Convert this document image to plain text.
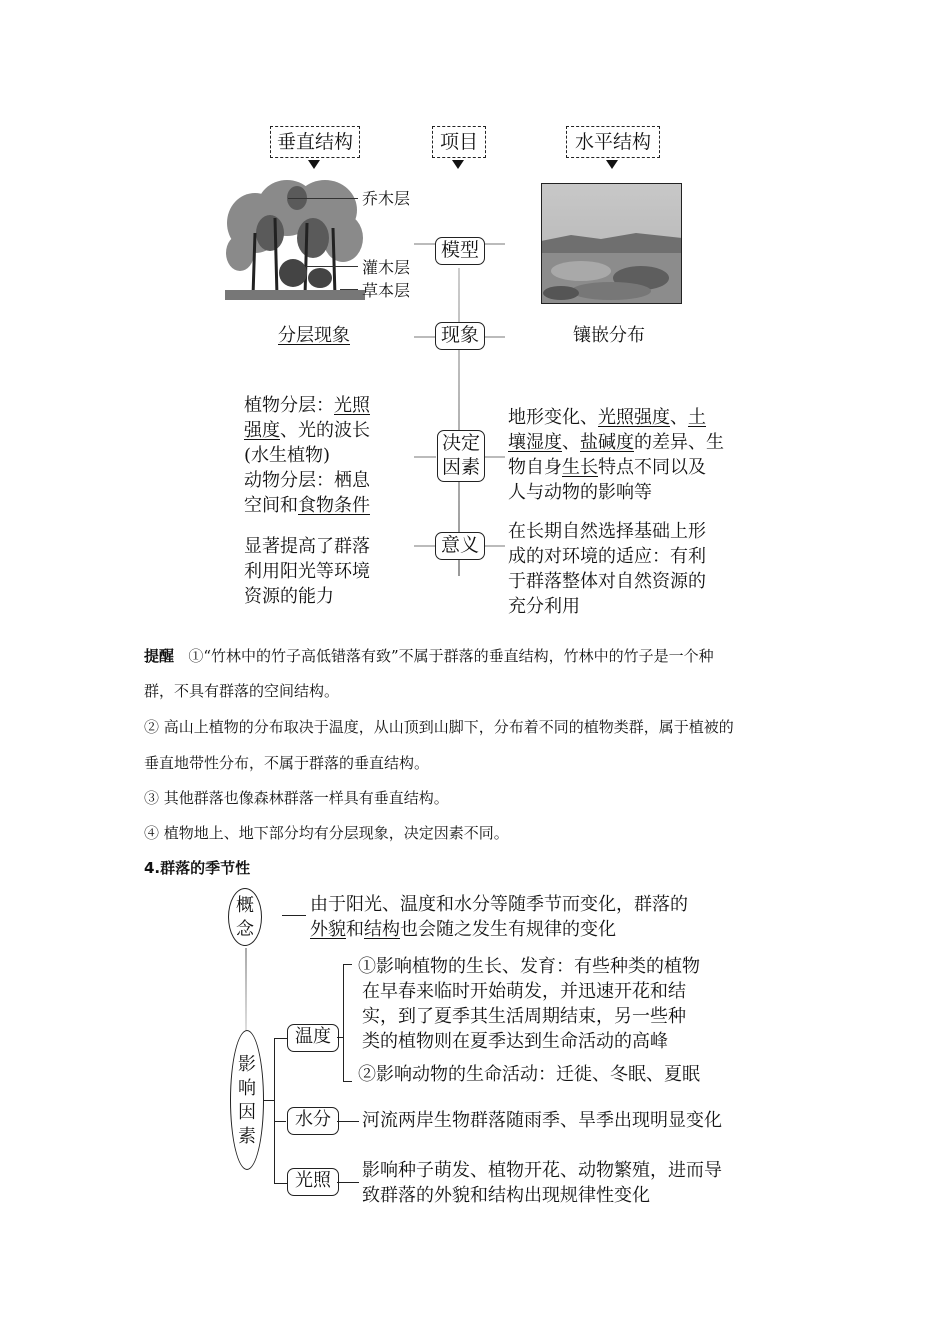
垂直结构	项目	水平结构
乔木层
灌木层
草本层
模型
现象
分层现象	镶嵌分布
决定因素
植物分层：光照
强度、光的波长
(水生植物)
动物分层：栖息
空间和食物条件
地形变化、光照强度、土
壤湿度、盐碱度的差异、生
物自身生长特点不同以及
人与动物的影响等
意义
显著提高了群落
利用阳光等环境
资源的能力
在长期自然选择基础上形
成的对环境的适应：有利
于群落整体对自然资源的
充分利用
提醒 ①“竹林中的竹子高低错落有致”不属于群落的垂直结构，竹林中的竹子是一个种
群，不具有群落的空间结构。
② 高山上植物的分布取决于温度，从山顶到山脚下，分布着不同的植物类群，属于植被的
垂直地带性分布，不属于群落的垂直结构。
③ 其他群落也像森林群落一样具有垂直结构。
④ 植物地上、地下部分均有分层现象，决定因素不同。
4.群落的季节性
概念
由于阳光、温度和水分等随季节而变化，群落的
外貌和结构也会随之发生有规律的变化
影响因素
温度
①影响植物的生长、发育：有些种类的植物
在早春来临时开始萌发，并迅速开花和结
实，到了夏季其生活周期结束，另一些种
类的植物则在夏季达到生命活动的高峰
②影响动物的生命活动：迁徙、冬眠、夏眠
水分	河流两岸生物群落随雨季、旱季出现明显变化
光照	影响种子萌发、植物开花、动物繁殖，进而导
致群落的外貌和结构出现规律性变化
